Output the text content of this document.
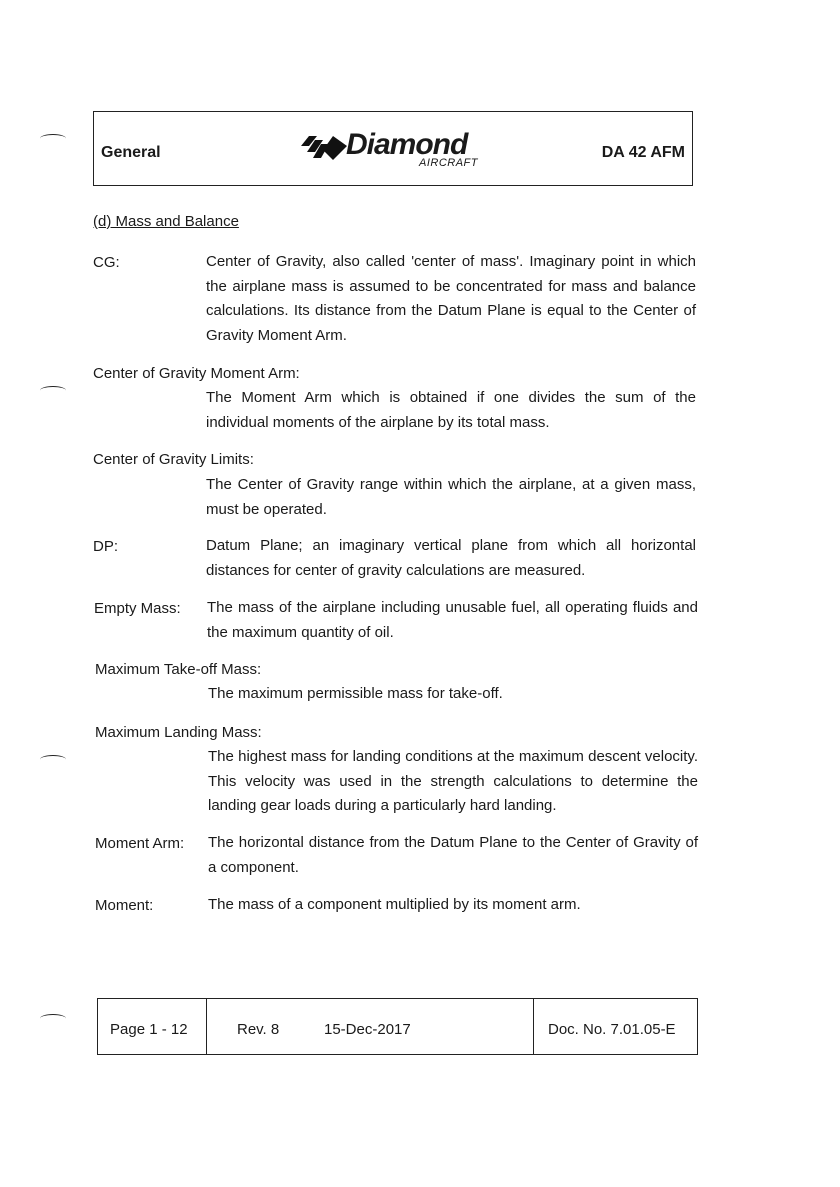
General	Diamond
AIRCRAFT
DA 42 AFM
(d) Mass and Balance
CG:	Center of Gravity, also called 'center of mass'. Imaginary point in which the airplane mass is assumed to be concentrated for mass and balance calculations. Its distance from the Datum Plane is equal to the Center of Gravity Moment Arm.
Center of Gravity Moment Arm:
The Moment Arm which is obtained if one divides the sum of the individual moments of the airplane by its total mass.
Center of Gravity Limits:
The Center of Gravity range within which the airplane, at a given mass, must be operated.
DP:	Datum Plane; an imaginary vertical plane from which all horizontal distances for center of gravity calculations are measured.
Empty Mass: The mass of the airplane including unusable fuel, all operating fluids and the maximum quantity of oil.
Maximum Take-off Mass:
The maximum permissible mass for take-off.
Maximum Landing Mass:
The highest mass for landing conditions at the maximum descent velocity. This velocity was used in the strength calculations to determine the landing gear loads during a particularly hard landing.
Moment Arm: The horizontal distance from the Datum Plane to the Center of Gravity of a component.
Moment:	The mass of a component multiplied by its moment arm.
Page 1 - 12	Rev. 8	15-Dec-2017	Doc. No. 7.01.05-E
